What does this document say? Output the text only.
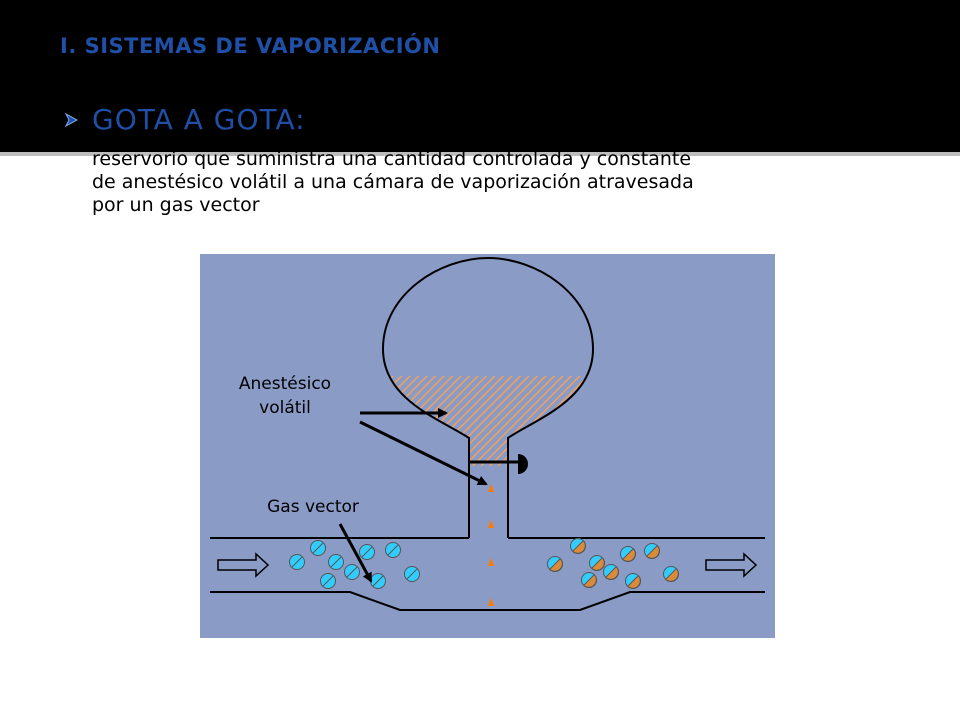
I. SISTEMAS DE VAPORIZACIÓN
GOTA A GOTA:
reservorio que suministra una cantidad controlada y constante
de anestésico volátil a una cámara de vaporización atravesada
por un gas vector
Anestésico
volátil
Gas vector
